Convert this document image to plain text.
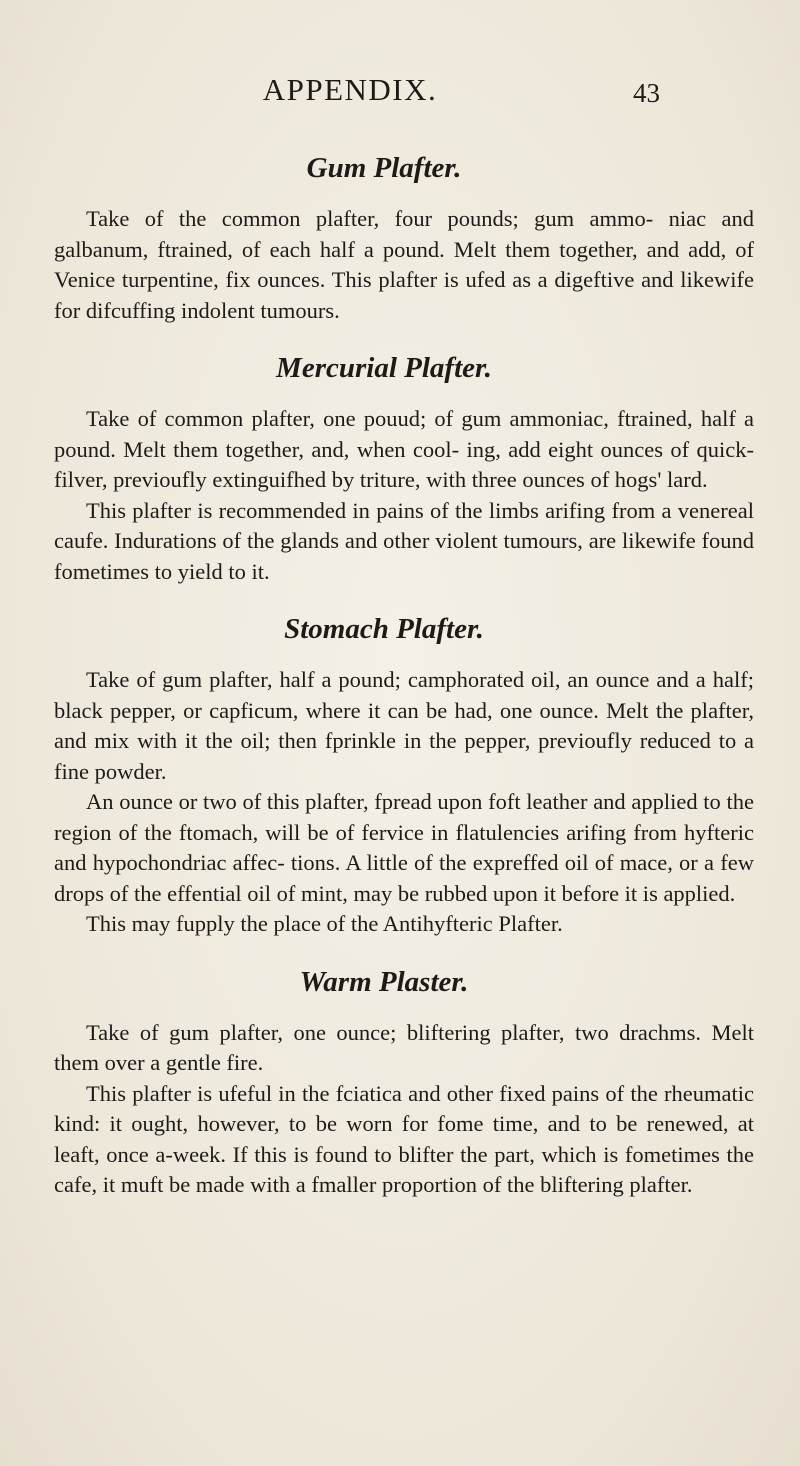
APPENDIX.	43
Gum Plafter.

Take of the common plafter, four pounds; gum ammo- niac and galbanum, ftrained, of each half a pound. Melt them together, and add, of Venice turpentine, fix ounces. This plafter is ufed as a digeftive and likewife for difcuffing indolent tumours.

Mercurial Plafter.

Take of common plafter, one pouud; of gum ammoniac, ftrained, half a pound. Melt them together, and, when cool- ing, add eight ounces of quick-filver, previoufly extinguifhed by triture, with three ounces of hogs' lard.

This plafter is recommended in pains of the limbs arifing from a venereal caufe. Indurations of the glands and other violent tumours, are likewife found fometimes to yield to it.

Stomach Plafter.

Take of gum plafter, half a pound; camphorated oil, an ounce and a half; black pepper, or capficum, where it can be had, one ounce. Melt the plafter, and mix with it the oil; then fprinkle in the pepper, previoufly reduced to a fine powder.

An ounce or two of this plafter, fpread upon foft leather and applied to the region of the ftomach, will be of fervice in flatulencies arifing from hyfteric and hypochondriac affec- tions. A little of the expreffed oil of mace, or a few drops of the effential oil of mint, may be rubbed upon it before it is applied.

This may fupply the place of the Antihyfteric Plafter.

Warm Plaster.

Take of gum plafter, one ounce; bliftering plafter, two drachms. Melt them over a gentle fire.

This plafter is ufeful in the fciatica and other fixed pains of the rheumatic kind: it ought, however, to be worn for fome time, and to be renewed, at leaft, once a-week. If this is found to blifter the part, which is fometimes the cafe, it muft be made with a fmaller proportion of the bliftering plafter.
